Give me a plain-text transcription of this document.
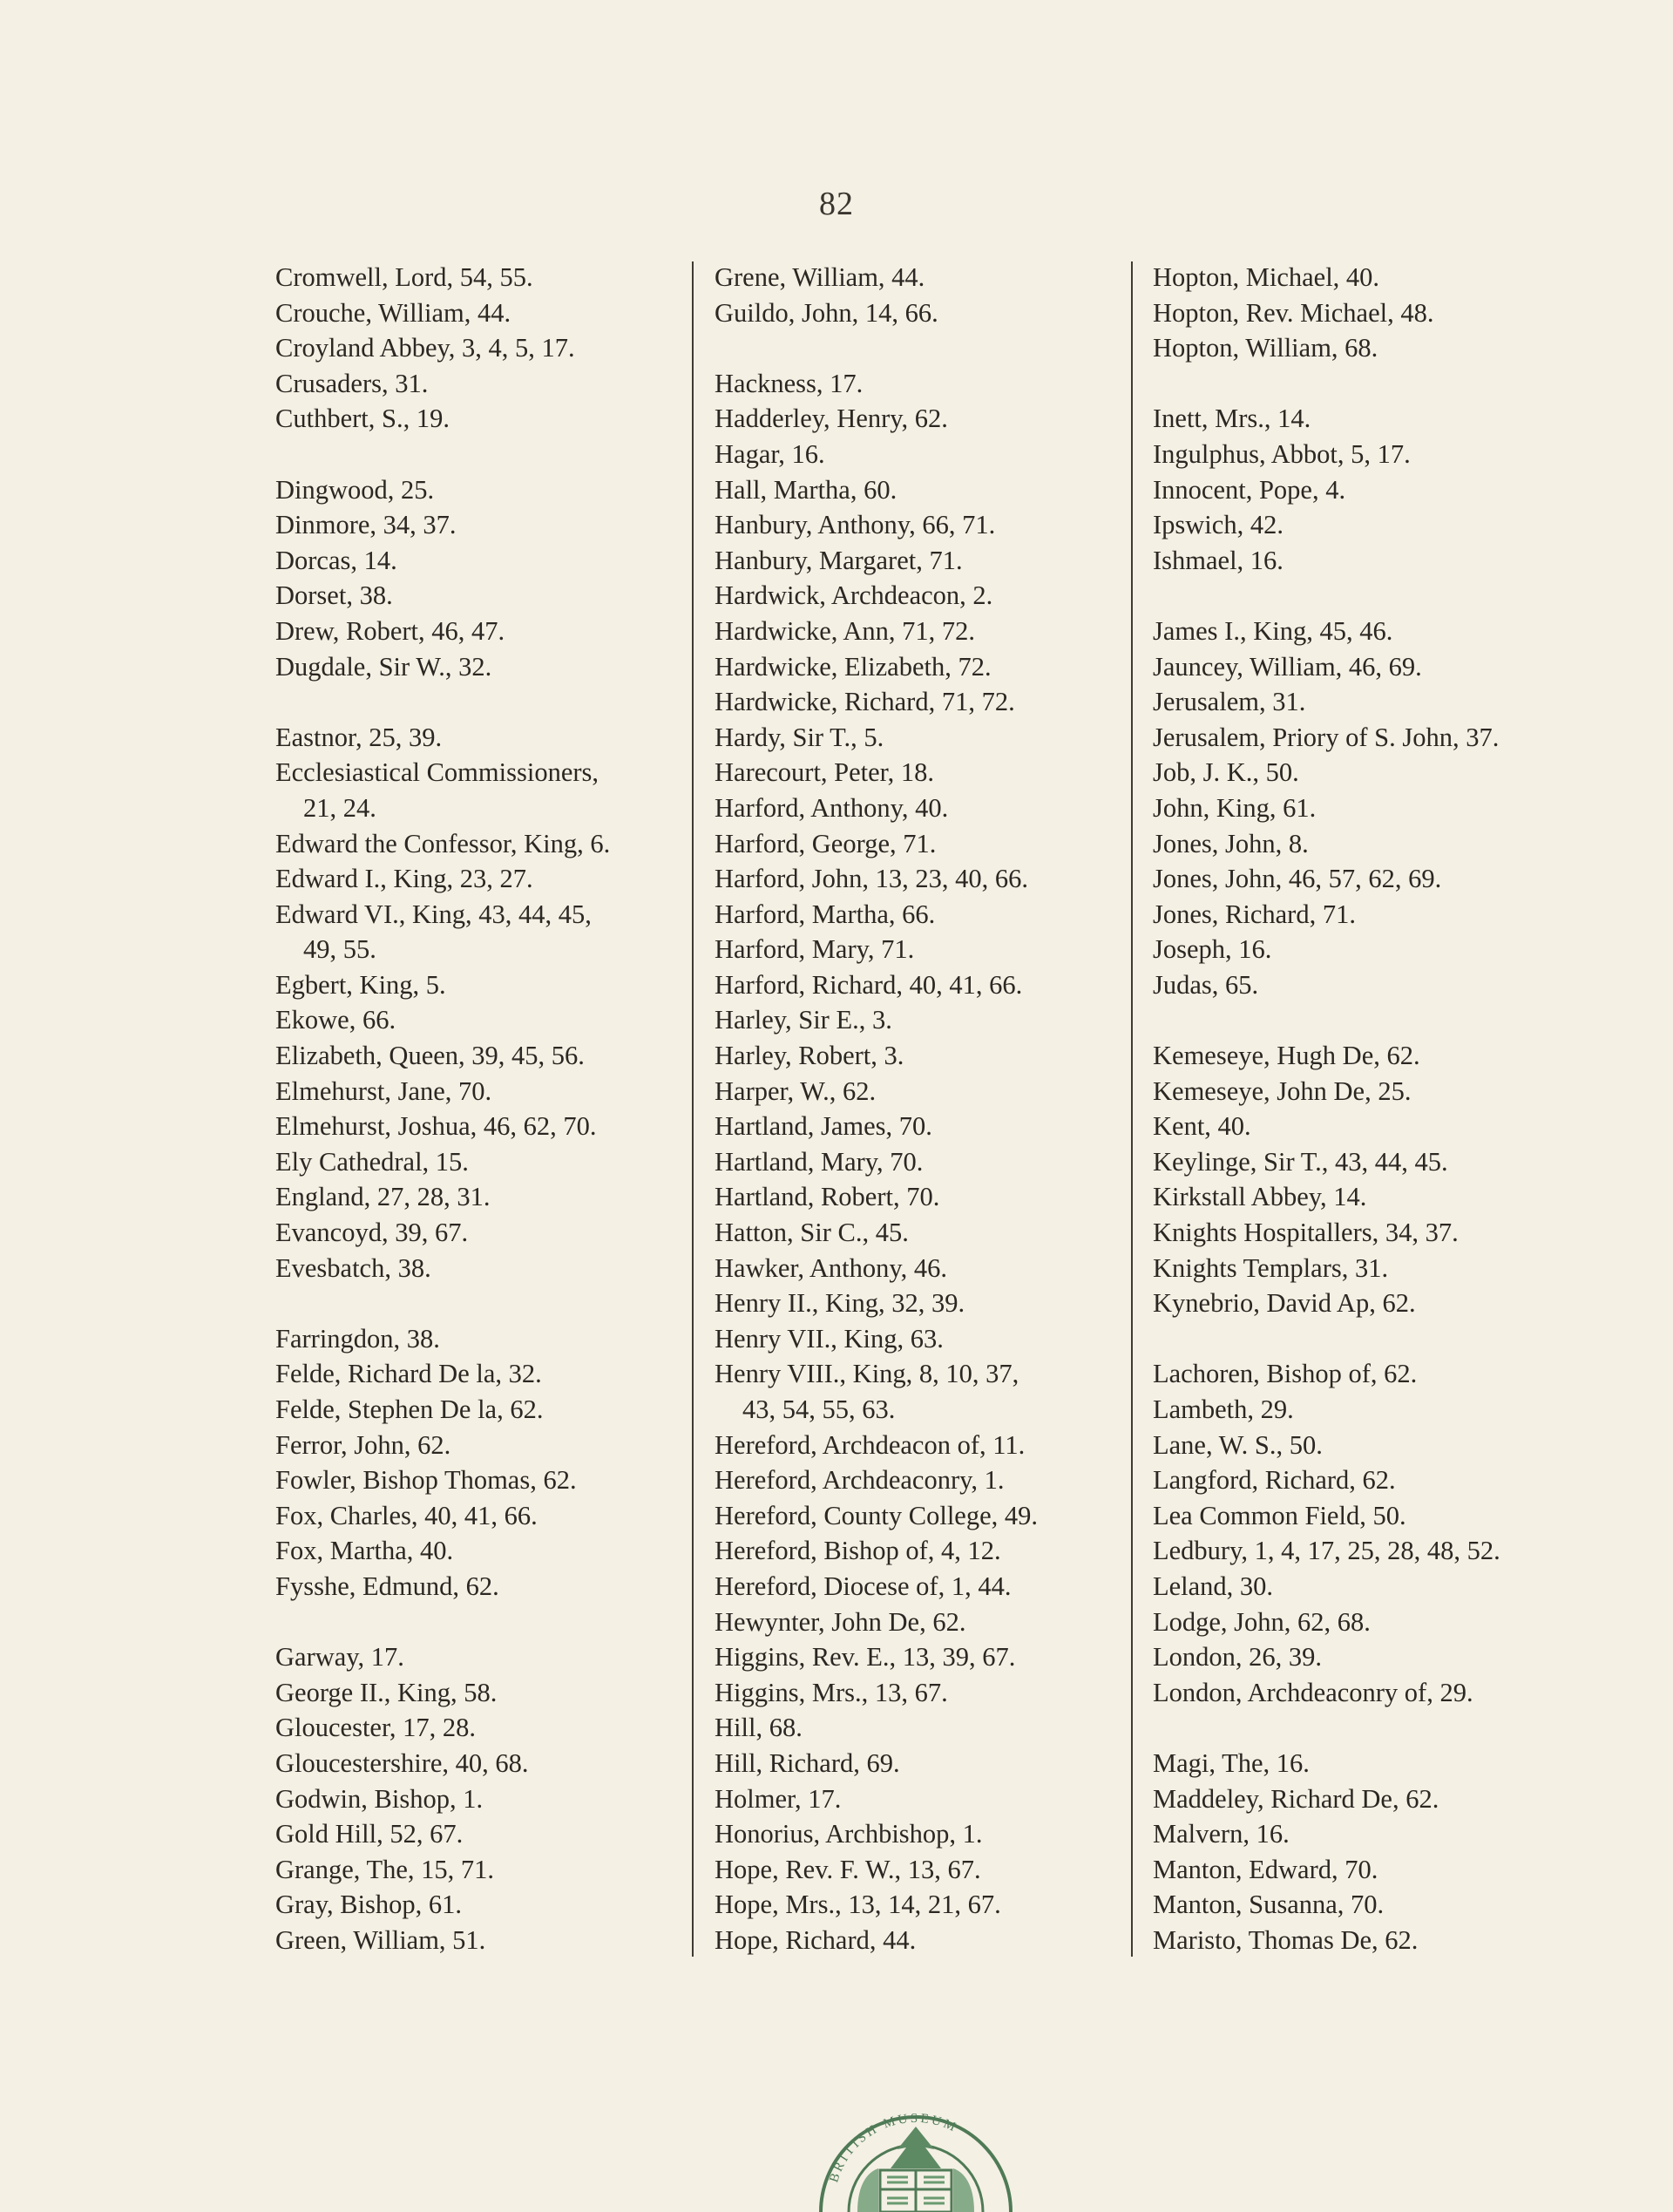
82
Cromwell, Lord, 54, 55.
Crouche, William, 44.
Croyland Abbey, 3, 4, 5, 17.
Crusaders, 31.
Cuthbert, S., 19.
Dingwood, 25.
Dinmore, 34, 37.
Dorcas, 14.
Dorset, 38.
Drew, Robert, 46, 47.
Dugdale, Sir W., 32.
Eastnor, 25, 39.
Ecclesiastical Commissioners,
21, 24.
Edward the Confessor, King, 6.
Edward I., King, 23, 27.
Edward VI., King, 43, 44, 45,
49, 55.
Egbert, King, 5.
Ekowe, 66.
Elizabeth, Queen, 39, 45, 56.
Elmehurst, Jane, 70.
Elmehurst, Joshua, 46, 62, 70.
Ely Cathedral, 15.
England, 27, 28, 31.
Evancoyd, 39, 67.
Evesbatch, 38.
Farringdon, 38.
Felde, Richard De la, 32.
Felde, Stephen De la, 62.
Ferror, John, 62.
Fowler, Bishop Thomas, 62.
Fox, Charles, 40, 41, 66.
Fox, Martha, 40.
Fysshe, Edmund, 62.
Garway, 17.
George II., King, 58.
Gloucester, 17, 28.
Gloucestershire, 40, 68.
Godwin, Bishop, 1.
Gold Hill, 52, 67.
Grange, The, 15, 71.
Gray, Bishop, 61.
Green, William, 51.
Grene, William, 44.
Guildo, John, 14, 66.
Hackness, 17.
Hadderley, Henry, 62.
Hagar, 16.
Hall, Martha, 60.
Hanbury, Anthony, 66, 71.
Hanbury, Margaret, 71.
Hardwick, Archdeacon, 2.
Hardwicke, Ann, 71, 72.
Hardwicke, Elizabeth, 72.
Hardwicke, Richard, 71, 72.
Hardy, Sir T., 5.
Harecourt, Peter, 18.
Harford, Anthony, 40.
Harford, George, 71.
Harford, John, 13, 23, 40, 66.
Harford, Martha, 66.
Harford, Mary, 71.
Harford, Richard, 40, 41, 66.
Harley, Sir E., 3.
Harley, Robert, 3.
Harper, W., 62.
Hartland, James, 70.
Hartland, Mary, 70.
Hartland, Robert, 70.
Hatton, Sir C., 45.
Hawker, Anthony, 46.
Henry II., King, 32, 39.
Henry VII., King, 63.
Henry VIII., King, 8, 10, 37,
43, 54, 55, 63.
Hereford, Archdeacon of, 11.
Hereford, Archdeaconry, 1.
Hereford, County College, 49.
Hereford, Bishop of, 4, 12.
Hereford, Diocese of, 1, 44.
Hewynter, John De, 62.
Higgins, Rev. E., 13, 39, 67.
Higgins, Mrs., 13, 67.
Hill, 68.
Hill, Richard, 69.
Holmer, 17.
Honorius, Archbishop, 1.
Hope, Rev. F. W., 13, 67.
Hope, Mrs., 13, 14, 21, 67.
Hope, Richard, 44.
Hopton, Michael, 40.
Hopton, Rev. Michael, 48.
Hopton, William, 68.
Inett, Mrs., 14.
Ingulphus, Abbot, 5, 17.
Innocent, Pope, 4.
Ipswich, 42.
Ishmael, 16.
James I., King, 45, 46.
Jauncey, William, 46, 69.
Jerusalem, 31.
Jerusalem, Priory of S. John, 37.
Job, J. K., 50.
John, King, 61.
Jones, John, 8.
Jones, John, 46, 57, 62, 69.
Jones, Richard, 71.
Joseph, 16.
Judas, 65.
Kemeseye, Hugh De, 62.
Kemeseye, John De, 25.
Kent, 40.
Keylinge, Sir T., 43, 44, 45.
Kirkstall Abbey, 14.
Knights Hospitallers, 34, 37.
Knights Templars, 31.
Kynebrio, David Ap, 62.
Lachoren, Bishop of, 62.
Lambeth, 29.
Lane, W. S., 50.
Langford, Richard, 62.
Lea Common Field, 50.
Ledbury, 1, 4, 17, 25, 28, 48, 52.
Leland, 30.
Lodge, John, 62, 68.
London, 26, 39.
London, Archdeaconry of, 29.
Magi, The, 16.
Maddeley, Richard De, 62.
Malvern, 16.
Manton, Edward, 70.
Manton, Susanna, 70.
Maristo, Thomas De, 62.
BRITISH MUSEUM
